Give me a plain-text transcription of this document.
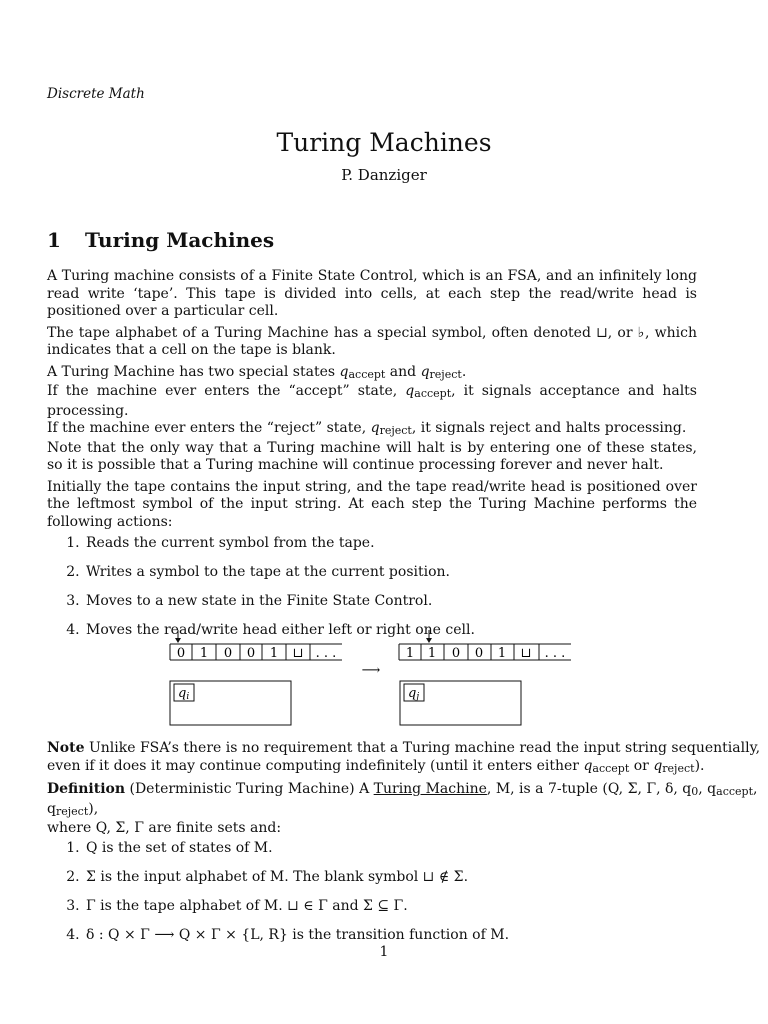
Discrete Math
Turing Machines
P. Danziger
1 Turing Machines

A Turing machine consists of a Finite State Control, which is an FSA, and an infinitely long read write ‘tape’. This tape is divided into cells, at each step the read/write head is positioned over a particular cell.

The tape alphabet of a Turing Machine has a special symbol, often denoted ⊔, or ♭, which indicates that a cell on the tape is blank.

A Turing Machine has two special states qaccept and qreject.

If the machine ever enters the “accept” state, qaccept, it signals acceptance and halts processing.

If the machine ever enters the “reject” state, qreject, it signals reject and halts processing.

Note that the only way that a Turing machine will halt is by entering one of these states, so it is possible that a Turing machine will continue processing forever and never halt.

Initially the tape contains the input string, and the tape read/write head is positioned over the leftmost symbol of the input string. At each step the Turing Machine performs the following actions:

1. Reads the current symbol from the tape.
2. Writes a symbol to the tape at the current position.
3. Moves to a new state in the Finite State Control.
4. Moves the read/write head either left or right one cell.
0 1 0 0 1 ⊔ . . .
qi
⟶
1 1 0 0 1 ⊔ . . .
qj

Note Unlike FSA’s there is no requirement that a Turing machine read the input string sequentially, even if it does it may continue computing indefinitely (until it enters either qaccept or qreject).

Definition (Deterministic Turing Machine) A Turing Machine, M, is a 7-tuple (Q, Σ, Γ, δ, q0, qaccept, qreject),

where Q, Σ, Γ are finite sets and:

1. Q is the set of states of M.
2. Σ is the input alphabet of M. The blank symbol ⊔ ∉ Σ.
3. Γ is the tape alphabet of M. ⊔ ∈ Γ and Σ ⊆ Γ.
4. δ : Q × Γ ⟶ Q × Γ × {L, R} is the transition function of M.
1
